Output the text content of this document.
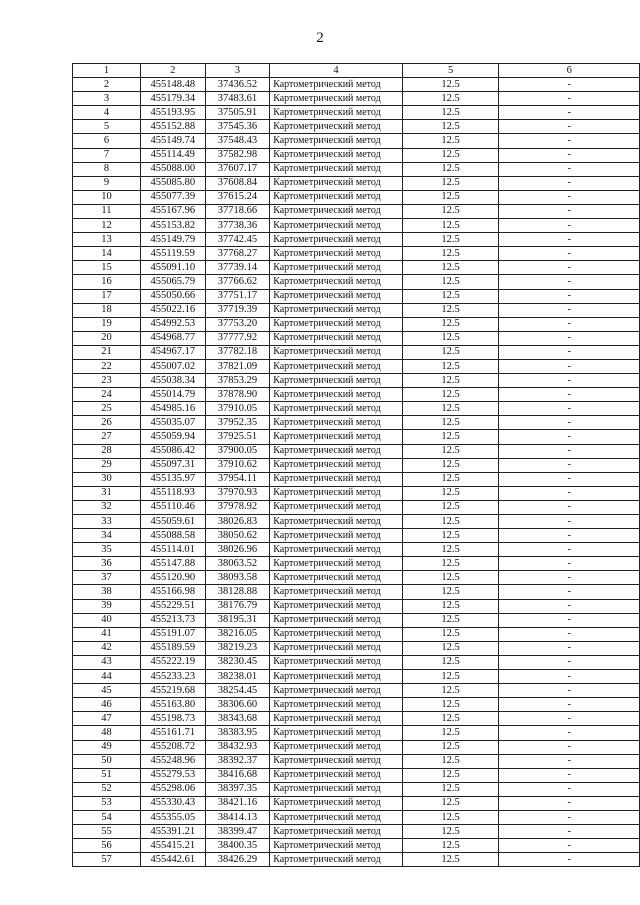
2
1	2	3	4	5	6
2	455148.48	37436.52	Картометрический метод	12.5	-
3	455179.34	37483.61	Картометрический метод	12.5	-
4	455193.95	37505.91	Картометрический метод	12.5	-
5	455152.88	37545.36	Картометрический метод	12.5	-
6	455149.74	37548.43	Картометрический метод	12.5	-
7	455114.49	37582.98	Картометрический метод	12.5	-
8	455088.00	37607.17	Картометрический метод	12.5	-
9	455085.80	37608.84	Картометрический метод	12.5	-
10	455077.39	37615.24	Картометрический метод	12.5	-
11	455167.96	37718.66	Картометрический метод	12.5	-
12	455153.82	37738.36	Картометрический метод	12.5	-
13	455149.79	37742.45	Картометрический метод	12.5	-
14	455119.59	37768.27	Картометрический метод	12.5	-
15	455091.10	37739.14	Картометрический метод	12.5	-
16	455065.79	37766.62	Картометрический метод	12.5	-
17	455050.66	37751.17	Картометрический метод	12.5	-
18	455022.16	37719.39	Картометрический метод	12.5	-
19	454992.53	37753.20	Картометрический метод	12.5	-
20	454968.77	37777.92	Картометрический метод	12.5	-
21	454967.17	37782.18	Картометрический метод	12.5	-
22	455007.02	37821.09	Картометрический метод	12.5	-
23	455038.34	37853.29	Картометрический метод	12.5	-
24	455014.79	37878.90	Картометрический метод	12.5	-
25	454985.16	37910.05	Картометрический метод	12.5	-
26	455035.07	37952.35	Картометрический метод	12.5	-
27	455059.94	37925.51	Картометрический метод	12.5	-
28	455086.42	37900.05	Картометрический метод	12.5	-
29	455097.31	37910.62	Картометрический метод	12.5	-
30	455135.97	37954.11	Картометрический метод	12.5	-
31	455118.93	37970.93	Картометрический метод	12.5	-
32	455110.46	37978.92	Картометрический метод	12.5	-
33	455059.61	38026.83	Картометрический метод	12.5	-
34	455088.58	38050.62	Картометрический метод	12.5	-
35	455114.01	38026.96	Картометрический метод	12.5	-
36	455147.88	38063.52	Картометрический метод	12.5	-
37	455120.90	38093.58	Картометрический метод	12.5	-
38	455166.98	38128.88	Картометрический метод	12.5	-
39	455229.51	38176.79	Картометрический метод	12.5	-
40	455213.73	38195.31	Картометрический метод	12.5	-
41	455191.07	38216.05	Картометрический метод	12.5	-
42	455189.59	38219.23	Картометрический метод	12.5	-
43	455222.19	38230.45	Картометрический метод	12.5	-
44	455233.23	38238.01	Картометрический метод	12.5	-
45	455219.68	38254.45	Картометрический метод	12.5	-
46	455163.80	38306.60	Картометрический метод	12.5	-
47	455198.73	38343.68	Картометрический метод	12.5	-
48	455161.71	38383.95	Картометрический метод	12.5	-
49	455208.72	38432.93	Картометрический метод	12.5	-
50	455248.96	38392.37	Картометрический метод	12.5	-
51	455279.53	38416.68	Картометрический метод	12.5	-
52	455298.06	38397.35	Картометрический метод	12.5	-
53	455330.43	38421.16	Картометрический метод	12.5	-
54	455355.05	38414.13	Картометрический метод	12.5	-
55	455391.21	38399.47	Картометрический метод	12.5	-
56	455415.21	38400.35	Картометрический метод	12.5	-
57	455442.61	38426.29	Картометрический метод	12.5	-
